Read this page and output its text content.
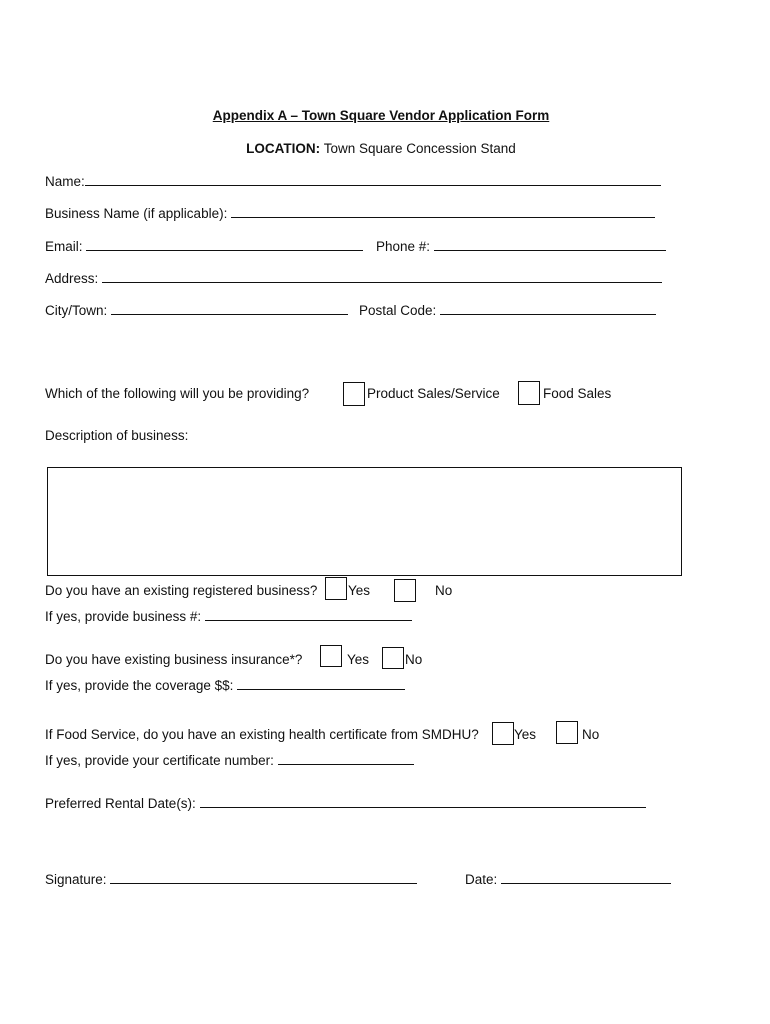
Appendix A – Town Square Vendor Application Form
LOCATION: Town Square Concession Stand
Name:
Business Name (if applicable):
Email:	Phone #:
Address:
City/Town:	Postal Code:
Which of the following will you be providing?	Product Sales/Service	Food Sales
Description of business:
Do you have an existing registered business? Yes	No
If yes, provide business #:
Do you have existing business insurance*?	Yes	No
If yes, provide the coverage $$:
If Food Service, do you have an existing health certificate from SMDHU?	Yes	No
If yes, provide your certificate number:
Preferred Rental Date(s):
Signature:	Date:
